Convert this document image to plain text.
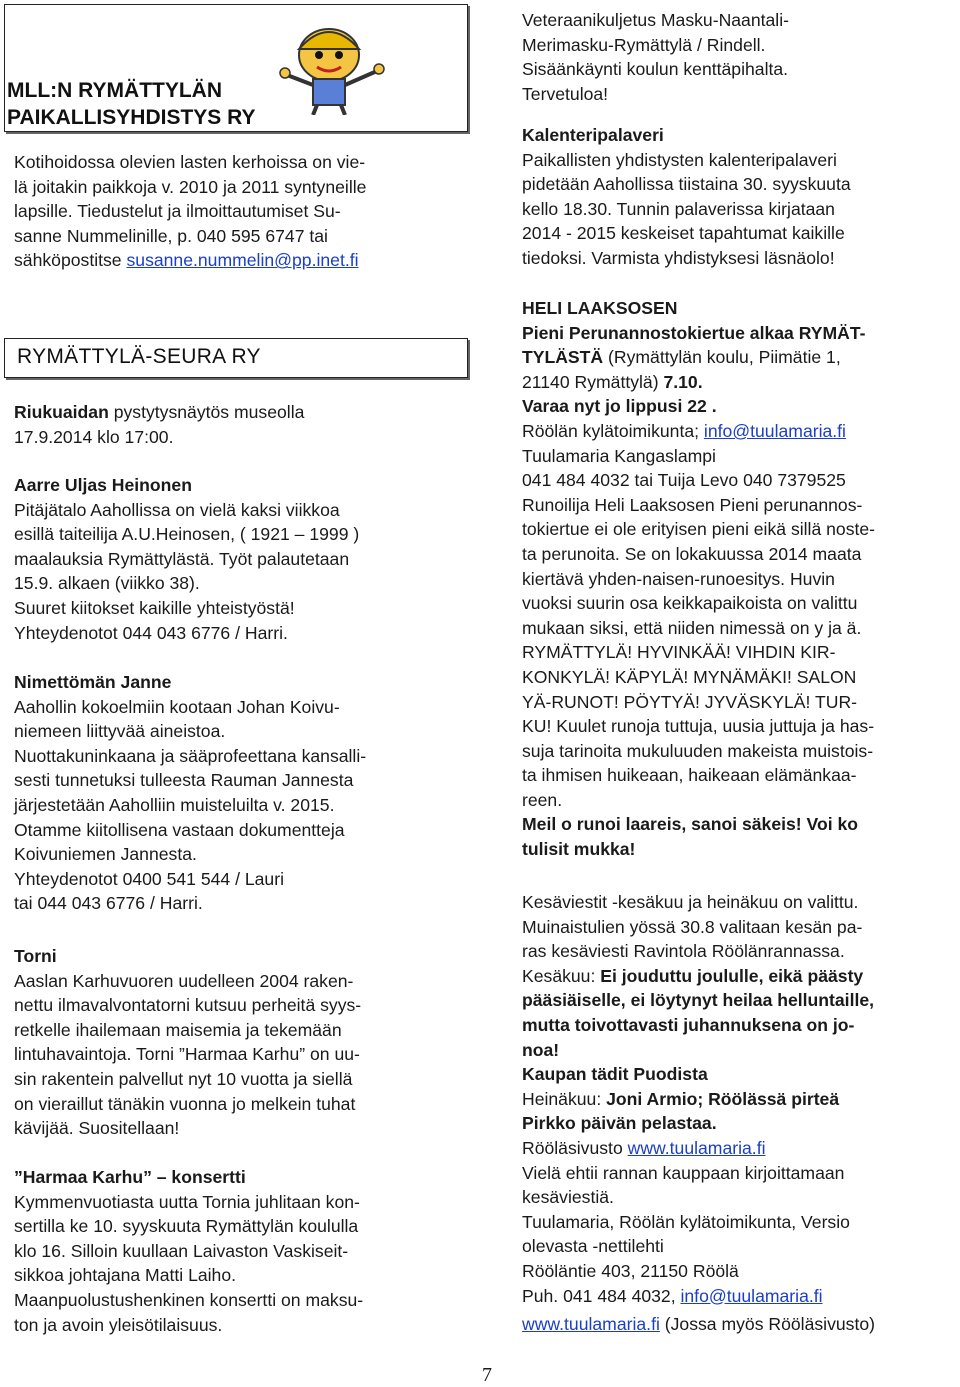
MLL:N RYMÄTTYLÄN PAIKALLISYHDISTYS RY

Kotihoidossa olevien lasten kerhoissa on vie-

lä joitakin paikkoja v. 2010 ja 2011 syntyneille

lapsille. Tiedustelut ja ilmoittautumiset Su-

sanne Nummelinille, p. 040 595 6747 tai

sähköpostitse susanne.nummelin@pp.inet.fi

RYMÄTTYLÄ-SEURA RY

Riukuaidan pystytysnäytös museolla

17.9.2014 klo 17:00.

Aarre Uljas Heinonen

Pitäjätalo Aahollissa on vielä kaksi viikkoa

esillä taiteilija A.U.Heinosen, ( 1921 – 1999 )

maalauksia Rymättylästä. Työt palautetaan

15.9. alkaen (viikko 38).

Suuret kiitokset kaikille yhteistyöstä!

Yhteydenotot 044 043 6776 / Harri.

Nimettömän Janne

Aahollin kokoelmiin kootaan Johan Koivu-

niemeen liittyvää aineistoa.

Nuottakuninkaana ja sääprofeettana kansalli-

sesti tunnetuksi tulleesta Rauman Jannesta

järjestetään Aaholliin muisteluilta v. 2015.

Otamme kiitollisena vastaan dokumentteja

Koivuniemen Jannesta.

Yhteydenotot 0400 541 544 / Lauri

tai 044 043 6776 / Harri.

Torni

Aaslan Karhuvuoren uudelleen 2004 raken-

nettu ilmavalvontatorni kutsuu perheitä syys-

retkelle ihailemaan maisemia ja tekemään

lintuhavaintoja. Torni ”Harmaa Karhu” on uu-

sin rakentein palvellut nyt 10 vuotta ja siellä

on vieraillut tänäkin vuonna jo melkein tuhat

kävijää. Suositellaan!

”Harmaa Karhu” – konsertti

Kymmenvuotiasta uutta Tornia juhlitaan kon-

sertilla ke 10. syyskuuta Rymättylän koululla

klo 16. Silloin kuullaan Laivaston Vaskiseit-

sikkoa johtajana Matti Laiho.

Maanpuolustushenkinen konsertti on maksu-

ton ja avoin yleisötilaisuus.

Veteraanikuljetus Masku-Naantali-

Merimasku-Rymättylä / Rindell.

Sisäänkäynti koulun kenttäpihalta.

Tervetuloa!

Kalenteripalaveri

Paikallisten yhdistysten kalenteripalaveri

pidetään Aahollissa tiistaina 30. syyskuuta

kello 18.30. Tunnin palaverissa kirjataan

2014 - 2015 keskeiset tapahtumat kaikille

tiedoksi. Varmista yhdistyksesi läsnäolo!

HELI LAAKSOSEN

Pieni Perunannostokiertue alkaa RYMÄT-

TYLÄSTÄ (Rymättylän koulu, Piimätie 1,

21140 Rymättylä) 7.10.

Varaa nyt jo lippusi 22 .

Röölän kylätoimikunta; info@tuulamaria.fi

Tuulamaria Kangaslampi

041 484 4032 tai Tuija Levo 040 7379525

Runoilija Heli Laaksosen Pieni perunannos-

tokiertue ei ole erityisen pieni eikä sillä noste-

ta perunoita. Se on lokakuussa 2014 maata

kiertävä yhden-naisen-runoesitys. Huvin

vuoksi suurin osa keikkapaikoista on valittu

mukaan siksi, että niiden nimessä on y ja ä.

RYMÄTTYLÄ! HYVINKÄÄ! VIHDIN KIR-

KONKYLÄ! KÄPYLÄ! MYNÄMÄKI! SALON

YÄ-RUNOT! PÖYTYÄ! JYVÄSKYLÄ! TUR-

KU! Kuulet runoja tuttuja, uusia juttuja ja has-

suja tarinoita mukuluuden makeista muistois-

ta ihmisen huikeaan, haikeaan elämänkaa-

reen.

Meil o runoi laareis, sanoi säkeis! Voi ko

tulisit mukka!

Kesäviestit -kesäkuu ja heinäkuu on valittu.

Muinaistulien yössä 30.8 valitaan kesän pa-

ras kesäviesti Ravintola Röölänrannassa.

Kesäkuu: Ei jouduttu joululle, eikä päästy

pääsiäiselle, ei löytynyt heilaa helluntaille,

mutta toivottavasti juhannuksena on jo-

noa!

Kaupan tädit Puodista

Heinäkuu: Joni Armio; Röölässä pirteä

Pirkko päivän pelastaa.

Rööläsivusto www.tuulamaria.fi

Vielä ehtii rannan kauppaan kirjoittamaan

kesäviestiä.

Tuulamaria, Röölän kylätoimikunta, Versio

olevasta -nettilehti

Rööläntie 403, 21150 Röölä

Puh. 041 484 4032, info@tuulamaria.fi

www.tuulamaria.fi (Jossa myös Rööläsivusto)

7
